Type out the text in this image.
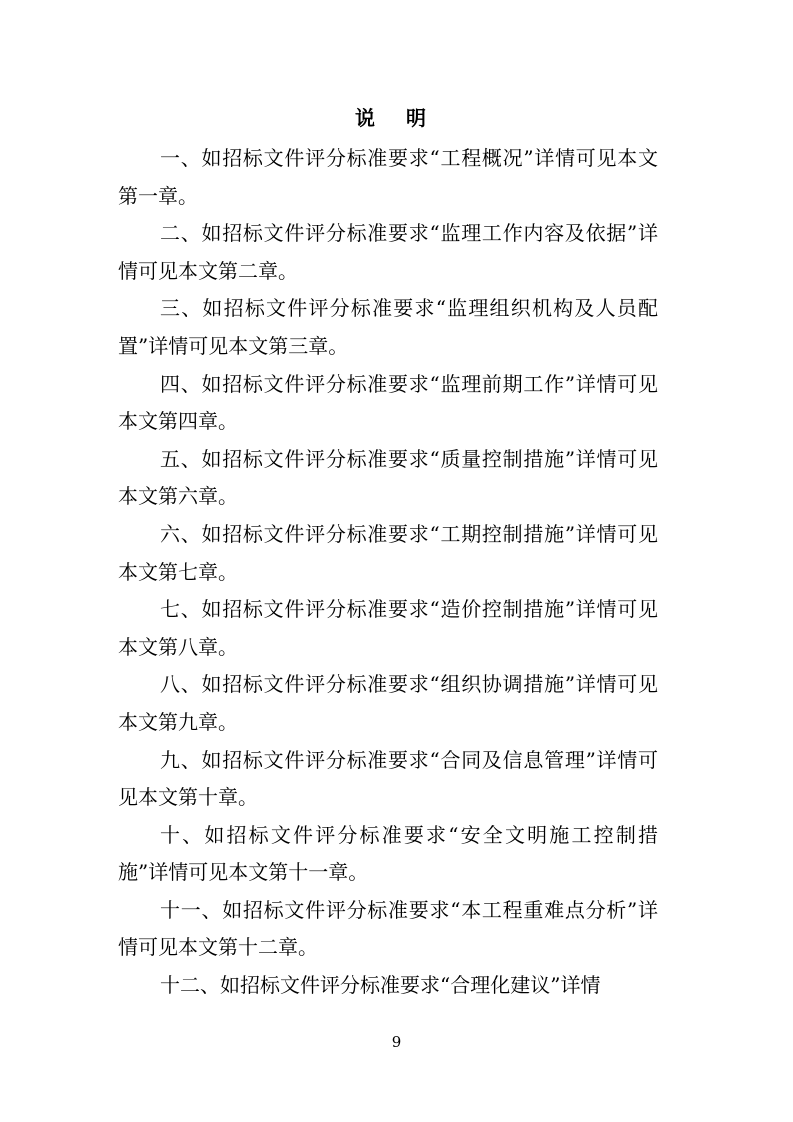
说 明

一、如招标文件评分标准要求“工程概况”详情可见本文第一章。

二、如招标文件评分标准要求“监理工作内容及依据”详情可见本文第二章。

三、如招标文件评分标准要求“监理组织机构及人员配置”详情可见本文第三章。

四、如招标文件评分标准要求“监理前期工作”详情可见本文第四章。

五、如招标文件评分标准要求“质量控制措施”详情可见本文第六章。

六、如招标文件评分标准要求“工期控制措施”详情可见本文第七章。

七、如招标文件评分标准要求“造价控制措施”详情可见本文第八章。

八、如招标文件评分标准要求“组织协调措施”详情可见本文第九章。

九、如招标文件评分标准要求“合同及信息管理”详情可见本文第十章。

十、如招标文件评分标准要求“安全文明施工控制措施”详情可见本文第十一章。

十一、如招标文件评分标准要求“本工程重难点分析”详情可见本文第十二章。

十二、如招标文件评分标准要求“合理化建议”详情

9
